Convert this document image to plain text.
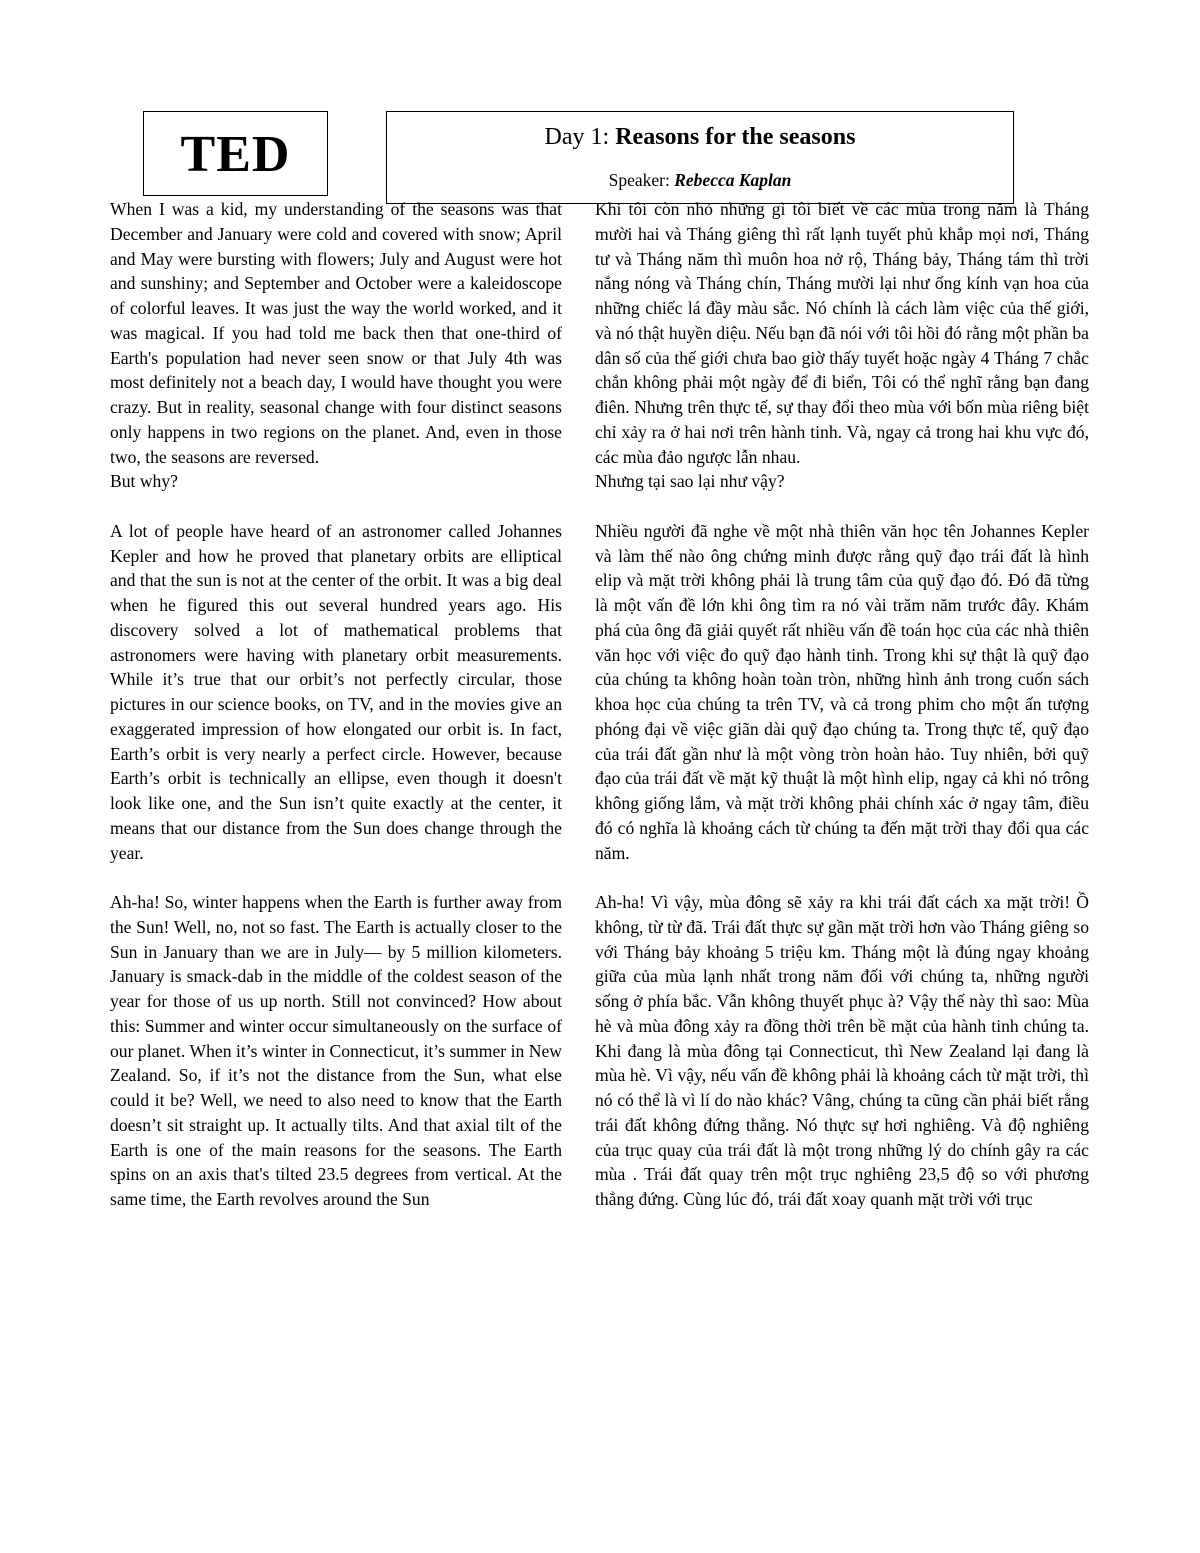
TED	Day 1: Reasons for the seasons
Speaker: Rebecca Kaplan

When I was a kid, my understanding of the seasons was that December and January were cold and covered with snow; April and May were bursting with flowers; July and August were hot and sunshiny; and September and October were a kaleidoscope of colorful leaves. It was just the way the world worked, and it was magical. If you had told me back then that one-third of Earth's population had never seen snow or that July 4th was most definitely not a beach day, I would have thought you were crazy. But in reality, seasonal change with four distinct seasons only happens in two regions on the planet. And, even in those two, the seasons are reversed.

But why?

A lot of people have heard of an astronomer called Johannes Kepler and how he proved that planetary orbits are elliptical and that the sun is not at the center of the orbit. It was a big deal when he figured this out several hundred years ago. His discovery solved a lot of mathematical problems that astronomers were having with planetary orbit measurements. While it’s true that our orbit’s not perfectly circular, those pictures in our science books, on TV, and in the movies give an exaggerated impression of how elongated our orbit is. In fact, Earth’s orbit is very nearly a perfect circle. However, because Earth’s orbit is technically an ellipse, even though it doesn't look like one, and the Sun isn’t quite exactly at the center, it means that our distance from the Sun does change through the year.

Ah-ha! So, winter happens when the Earth is further away from the Sun! Well, no, not so fast. The Earth is actually closer to the Sun in January than we are in July— by 5 million kilometers. January is smack-dab in the middle of the coldest season of the year for those of us up north. Still not convinced? How about this: Summer and winter occur simultaneously on the surface of our planet. When it’s winter in Connecticut, it’s summer in New Zealand. So, if it’s not the distance from the Sun, what else could it be? Well, we need to also need to know that the Earth doesn’t sit straight up. It actually tilts. And that axial tilt of the Earth is one of the main reasons for the seasons. The Earth spins on an axis that's tilted 23.5 degrees from vertical. At the same time, the Earth revolves around the Sun

Khi tôi còn nhỏ những gì tôi biết về các mùa trong năm là Tháng mười hai và Tháng giêng thì rất lạnh tuyết phủ khắp mọi nơi, Tháng tư và Tháng năm thì muôn hoa nở rộ, Tháng bảy, Tháng tám thì trời nắng nóng và Tháng chín, Tháng mười lại như ống kính vạn hoa của những chiếc lá đầy màu sắc. Nó chính là cách làm việc của thế giới, và nó thật huyền diệu. Nếu bạn đã nói với tôi hồi đó rằng một phần ba dân số của thế giới chưa bao giờ thấy tuyết hoặc ngày 4 Tháng 7 chắc chắn không phải một ngày để đi biển, Tôi có thể nghĩ rằng bạn đang điên. Nhưng trên thực tế, sự thay đổi theo mùa với bốn mùa riêng biệt chỉ xảy ra ở hai nơi trên hành tinh. Và, ngay cả trong hai khu vực đó, các mùa đảo ngược lẫn nhau.

Nhưng tại sao lại như vậy?

Nhiều người đã nghe về một nhà thiên văn học tên Johannes Kepler và làm thế nào ông chứng minh được rằng quỹ đạo trái đất là hình elip và mặt trời không phải là trung tâm của quỹ đạo đó. Đó đã từng là một vấn đề lớn khi ông tìm ra nó vài trăm năm trước đây. Khám phá của ông đã giải quyết rất nhiều vấn đề toán học của các nhà thiên văn học với việc đo quỹ đạo hành tinh. Trong khi sự thật là quỹ đạo của chúng ta không hoàn toàn tròn, những hình ảnh trong cuốn sách khoa học của chúng ta trên TV, và cả trong phim cho một ấn tượng phóng đại về việc giãn dài quỹ đạo chúng ta. Trong thực tế, quỹ đạo của trái đất gần như là một vòng tròn hoàn hảo. Tuy nhiên, bởi quỹ đạo của trái đất về mặt kỹ thuật là một hình elip, ngay cả khi nó trông không giống lắm, và mặt trời không phải chính xác ở ngay tâm, điều đó có nghĩa là khoảng cách từ chúng ta đến mặt trời thay đổi qua các năm.

Ah-ha! Vì vậy, mùa đông sẽ xảy ra khi trái đất cách xa mặt trời! Ồ không, từ từ đã. Trái đất thực sự gần mặt trời hơn vào Tháng giêng so với Tháng bảy khoảng 5 triệu km. Tháng một là đúng ngay khoảng giữa của mùa lạnh nhất trong năm đối với chúng ta, những người sống ở phía bắc. Vẫn không thuyết phục à? Vậy thế này thì sao: Mùa hè và mùa đông xảy ra đồng thời trên bề mặt của hành tinh chúng ta. Khi đang là mùa đông tại Connecticut, thì New Zealand lại đang là mùa hè. Vì vậy, nếu vấn đề không phải là khoảng cách từ mặt trời, thì nó có thể là vì lí do nào khác? Vâng, chúng ta cũng cần phải biết rằng trái đất không đứng thẳng. Nó thực sự hơi nghiêng. Và độ nghiêng của trục quay của trái đất là một trong những lý do chính gây ra các mùa . Trái đất quay trên một trục nghiêng 23,5 độ so với phương thẳng đứng. Cùng lúc đó, trái đất xoay quanh mặt trời với trục
